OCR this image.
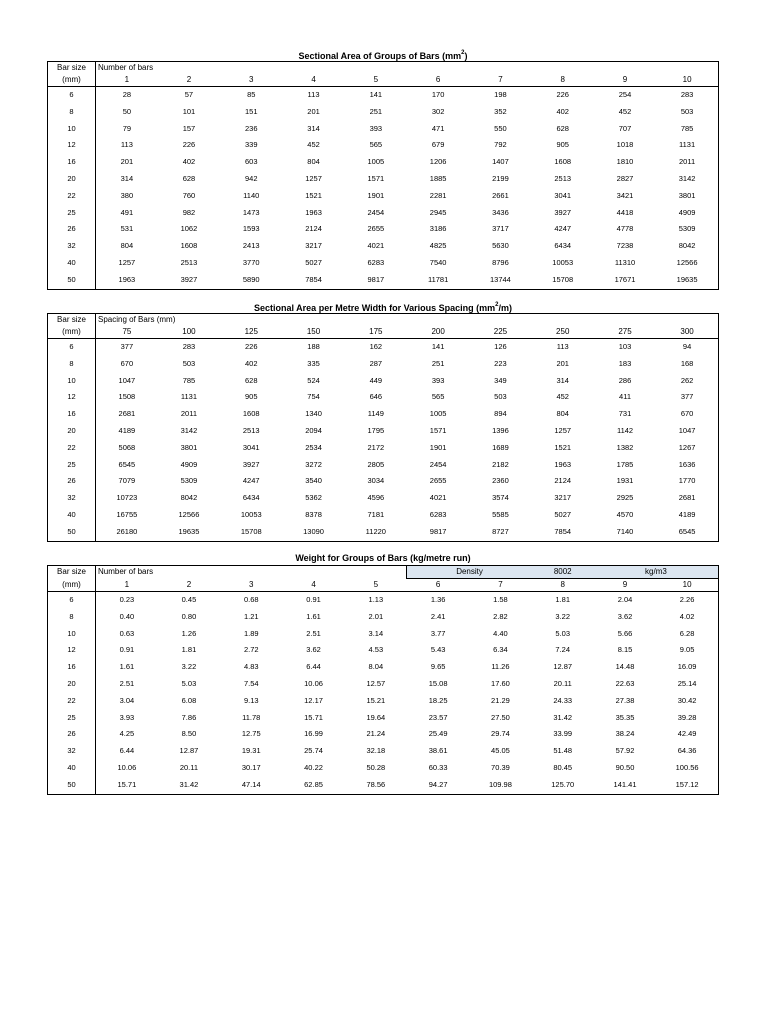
Sectional Area of Groups of Bars $(mm^2)$
Bar size	Number of bars									
(mm)	1	2	3	4	5	6	7	8	9	10
6	28	57	85	113	141	170	198	226	254	283
8	50	101	151	201	251	302	352	402	452	503
10	79	157	236	314	393	471	550	628	707	785
12	113	226	339	452	565	679	792	905	1018	1131
16	201	402	603	804	1005	1206	1407	1608	1810	2011
20	314	628	942	1257	1571	1885	2199	2513	2827	3142
22	380	760	1140	1521	1901	2281	2661	3041	3421	3801
25	491	982	1473	1963	2454	2945	3436	3927	4418	4909
26	531	1062	1593	2124	2655	3186	3717	4247	4778	5309
32	804	1608	2413	3217	4021	4825	5630	6434	7238	8042
40	1257	2513	3770	5027	6283	7540	8796	10053	11310	12566
50	1963	3927	5890	7854	9817	11781	13744	15708	17671	19635
Sectional Area per Metre Width for Various Spacing $(mm^2/m)$
Bar size	Spacing of Bars (mm)									
(mm)	75	100	125	150	175	200	225	250	275	300
6	377	283	226	188	162	141	126	113	103	94
8	670	503	402	335	287	251	223	201	183	168
10	1047	785	628	524	449	393	349	314	286	262
12	1508	1131	905	754	646	565	503	452	411	377
16	2681	2011	1608	1340	1149	1005	894	804	731	670
20	4189	3142	2513	2094	1795	1571	1396	1257	1142	1047
22	5068	3801	3041	2534	2172	1901	1689	1521	1382	1267
25	6545	4909	3927	3272	2805	2454	2182	1963	1785	1636
26	7079	5309	4247	3540	3034	2655	2360	2124	1931	1770
32	10723	8042	6434	5362	4596	4021	3574	3217	2925	2681
40	16755	12566	10053	8378	7181	6283	5585	5027	4570	4189
50	26180	19635	15708	13090	11220	9817	8727	7854	7140	6545
Weight for Groups of Bars (kg/metre run)
Bar size	Number of bars					Density		8002	kg/m3	
(mm)	1	2	3	4	5	6	7	8	9	10
6	0.23	0.45	0.68	0.91	1.13	1.36	1.58	1.81	2.04	2.26
8	0.40	0.80	1.21	1.61	2.01	2.41	2.82	3.22	3.62	4.02
10	0.63	1.26	1.89	2.51	3.14	3.77	4.40	5.03	5.66	6.28
12	0.91	1.81	2.72	3.62	4.53	5.43	6.34	7.24	8.15	9.05
16	1.61	3.22	4.83	6.44	8.04	9.65	11.26	12.87	14.48	16.09
20	2.51	5.03	7.54	10.06	12.57	15.08	17.60	20.11	22.63	25.14
22	3.04	6.08	9.13	12.17	15.21	18.25	21.29	24.33	27.38	30.42
25	3.93	7.86	11.78	15.71	19.64	23.57	27.50	31.42	35.35	39.28
26	4.25	8.50	12.75	16.99	21.24	25.49	29.74	33.99	38.24	42.49
32	6.44	12.87	19.31	25.74	32.18	38.61	45.05	51.48	57.92	64.36
40	10.06	20.11	30.17	40.22	50.28	60.33	70.39	80.45	90.50	100.56
50	15.71	31.42	47.14	62.85	78.56	94.27	109.98	125.70	141.41	157.12
